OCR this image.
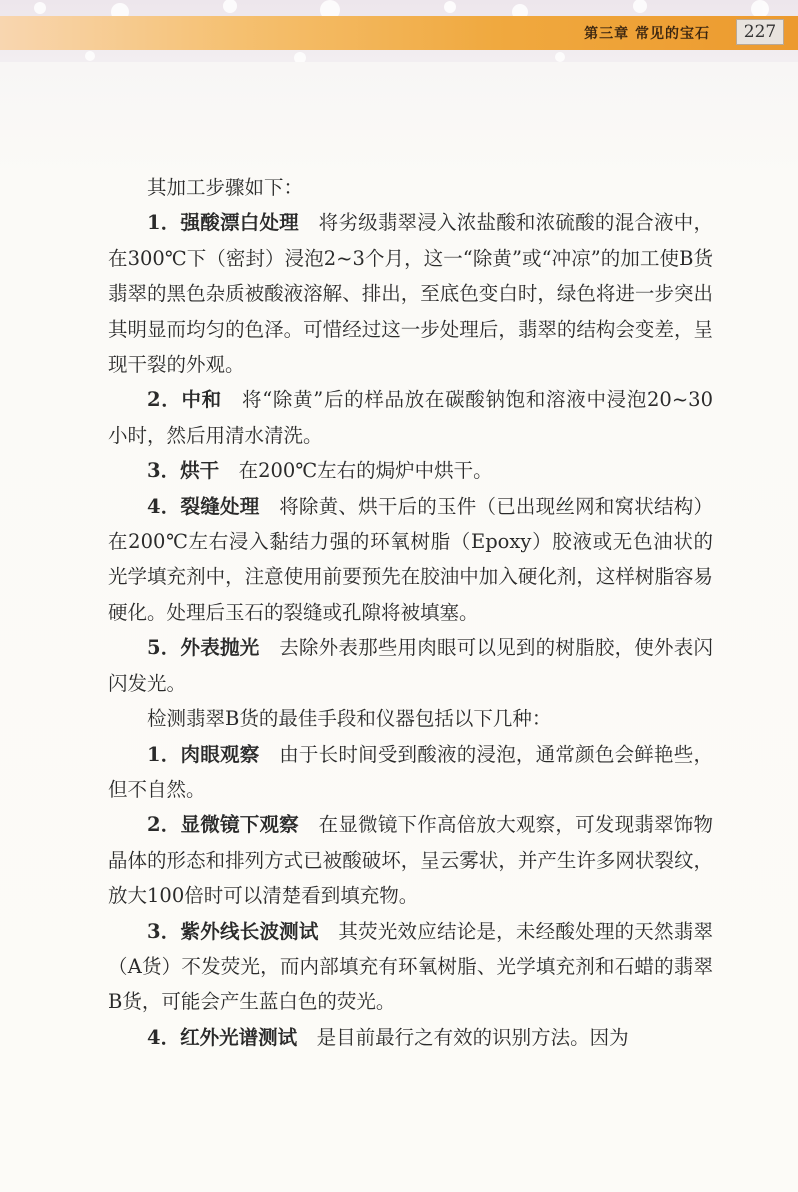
第三章 常见的宝石	227

其加工步骤如下：

1．强酸漂白处理　 将劣级翡翠浸入浓盐酸和浓硫酸的混合液中，在300℃下（密封）浸泡2~3个月，这一“除黄”或“冲凉”的加工使B货翡翠的黑色杂质被酸液溶解、排出，至底色变白时，绿色将进一步突出其明显而均匀的色泽。可惜经过这一步处理后，翡翠的结构会变差，呈现干裂的外观。

2．中和　 将“除黄”后的样品放在碳酸钠饱和溶液中浸泡20~30小时，然后用清水清洗。

3．烘干　 在200℃左右的焗炉中烘干。

4．裂缝处理　 将除黄、烘干后的玉件（已出现丝网和窝状结构）在200℃左右浸入黏结力强的环氧树脂（Epoxy）胶液或无色油状的光学填充剂中，注意使用前要预先在胶油中加入硬化剂，这样树脂容易硬化。处理后玉石的裂缝或孔隙将被填塞。

5．外表抛光　 去除外表那些用肉眼可以见到的树脂胶，使外表闪闪发光。

检测翡翠B货的最佳手段和仪器包括以下几种：

1．肉眼观察　 由于长时间受到酸液的浸泡，通常颜色会鲜艳些，但不自然。

2．显微镜下观察　 在显微镜下作高倍放大观察，可发现翡翠饰物晶体的形态和排列方式已被酸破坏，呈云雾状，并产生许多网状裂纹，放大100倍时可以清楚看到填充物。

3．紫外线长波测试　 其荧光效应结论是，未经酸处理的天然翡翠（A货）不发荧光，而内部填充有环氧树脂、光学填充剂和石蜡的翡翠B货，可能会产生蓝白色的荧光。

4．红外光谱测试　 是目前最行之有效的识别方法。因为
